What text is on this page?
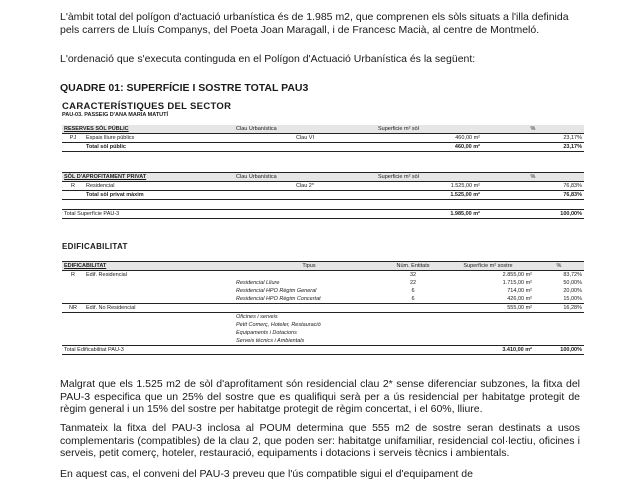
L'àmbit total del polígon d'actuació urbanística és de 1.985 m2, que comprenen els sòls situats a l'illa definida pels carrers de Lluís Companys, del Poeta Joan Maragall, i de Francesc Macià, al centre de Montmeló.
L'ordenació que s'executa continguda en el Polígon d'Actuació Urbanística és la següent:
QUADRE 01: SUPERFÍCIE I SOSTRE TOTAL PAU3
CARACTERÍSTIQUES DEL SECTOR
PAU-03. PASSEIG D'ANA MARIA MATUTÍ
RESERVES SÒL PÚBLIC		Clau Urbanística	Superficie m² sòl	%
PJ	Espais lliure públics	Clau VI	460,00 m²	23,17%
	Total sòl públic		460,00 m²	23,17%
SÒL D'APROFITAMENT PRIVAT		Clau Urbanística	Superficie m² sòl	%
R	Residencial	Clau 2*	1.525,00 m²	76,83%
	Total sòl privat màxim		1.525,00 m²	76,83%
Total Superfície PAU-3	1.985,00 m²	100,00%
EDIFICABILITAT
EDIFICABILITAT		Tipus	Núm. Entitats	Superfície m² sostre	%
R	Edif. Residencial		32	2.855,00 m²	83,72%
		Residencial Lliure	22	1.715,00 m²	50,00%
		Residencial HPO Règim General	6	714,00 m²	20,00%
		Residencial HPO Règim Concertat	6	426,00 m²	15,00%
NR	Edif. No Residencial			555,00 m²	16,28%
		Oficines i serveis			
		Petit Comerç, Hoteler, Restauració			
		Equipaments i Dotacions			
		Serveis tècnics i Ambientals			
Total Edificabilitat PAU-3				3.410,00 m²	100,00%
Malgrat que els 1.525 m2 de sòl d'aprofitament són residencial clau 2* sense diferenciar subzones, la fitxa del PAU-3 especifica que un 25% del sostre que es qualifiqui serà per a ús residencial per habitatge protegit de règim general i un 15% del sostre per habitatge protegit de règim concertat, i el 60%, lliure.
Tanmateix la fitxa del PAU-3 inclosa al POUM determina que 555 m2 de sostre seran destinats a usos complementaris (compatibles) de la clau 2, que poden ser: habitatge unifamiliar, residencial col·lectiu, oficines i serveis, petit comerç, hoteler, restauració, equipaments i dotacions i serveis tècnics i ambientals.
En aquest cas, el conveni del PAU-3 preveu que l'ús compatible sigui el d'equipament de
